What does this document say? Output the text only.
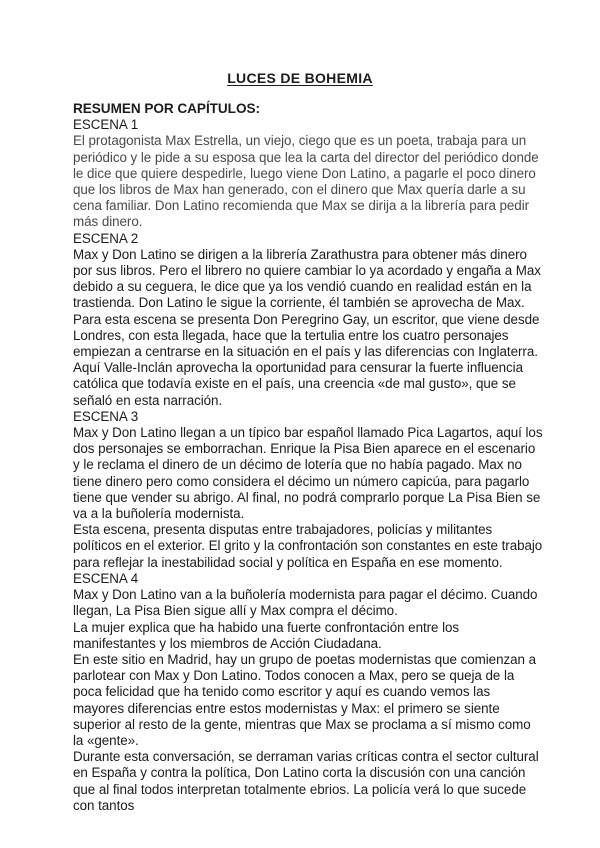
LUCES DE BOHEMIA

RESUMEN POR CAPÍTULOS:

ESCENA 1

El protagonista Max Estrella, un viejo, ciego que es un poeta, trabaja para un periódico y le pide a su esposa que lea la carta del director del periódico donde le dice que quiere despedirle, luego viene Don Latino, a pagarle el poco dinero que los libros de Max han generado, con el dinero que Max quería darle a su cena familiar. Don Latino recomienda que Max se dirija a la librería para pedir más dinero.

ESCENA 2

Max y Don Latino se dirigen a la librería Zarathustra para obtener más dinero por sus libros. Pero el librero no quiere cambiar lo ya acordado y engaña a Max debido a su ceguera, le dice que ya los vendió cuando en realidad están en la trastienda. Don Latino le sigue la corriente, él también se aprovecha de Max.

Para esta escena se presenta Don Peregrino Gay, un escritor, que viene desde Londres, con esta llegada, hace que la tertulia entre los cuatro personajes empiezan a centrarse en la situación en el país y las diferencias con Inglaterra.

Aquí Valle-Inclán aprovecha la oportunidad para censurar la fuerte influencia católica que todavía existe en el país, una creencia «de mal gusto», que se señaló en esta narración.

ESCENA 3

Max y Don Latino llegan a un típico bar español llamado Pica Lagartos, aquí los dos personajes se emborrachan. Enrique la Pisa Bien aparece en el escenario y le reclama el dinero de un décimo de lotería que no había pagado. Max no tiene dinero pero como considera el décimo un número capicúa, para pagarlo tiene que vender su abrigo. Al final, no podrá comprarlo porque La Pisa Bien se va a la buñolería modernista.

Esta escena, presenta disputas entre trabajadores, policías y militantes políticos en el exterior. El grito y la confrontación son constantes en este trabajo para reflejar la inestabilidad social y política en España en ese momento.

ESCENA 4

Max y Don Latino van a la buñolería modernista para pagar el décimo. Cuando llegan, La Pisa Bien sigue allí y Max compra el décimo.

La mujer explica que ha habido una fuerte confrontación entre los manifestantes y los miembros de Acción Ciudadana.

En este sitio en Madrid, hay un grupo de poetas modernistas que comienzan a parlotear con Max y Don Latino. Todos conocen a Max, pero se queja de la poca felicidad que ha tenido como escritor y aquí es cuando vemos las mayores diferencias entre estos modernistas y Max: el primero se siente superior al resto de la gente, mientras que Max se proclama a sí mismo como la «gente».

Durante esta conversación, se derraman varias críticas contra el sector cultural en España y contra la política, Don Latino corta la discusión con una canción que al final todos interpretan totalmente ebrios. La policía verá lo que sucede con tantos
